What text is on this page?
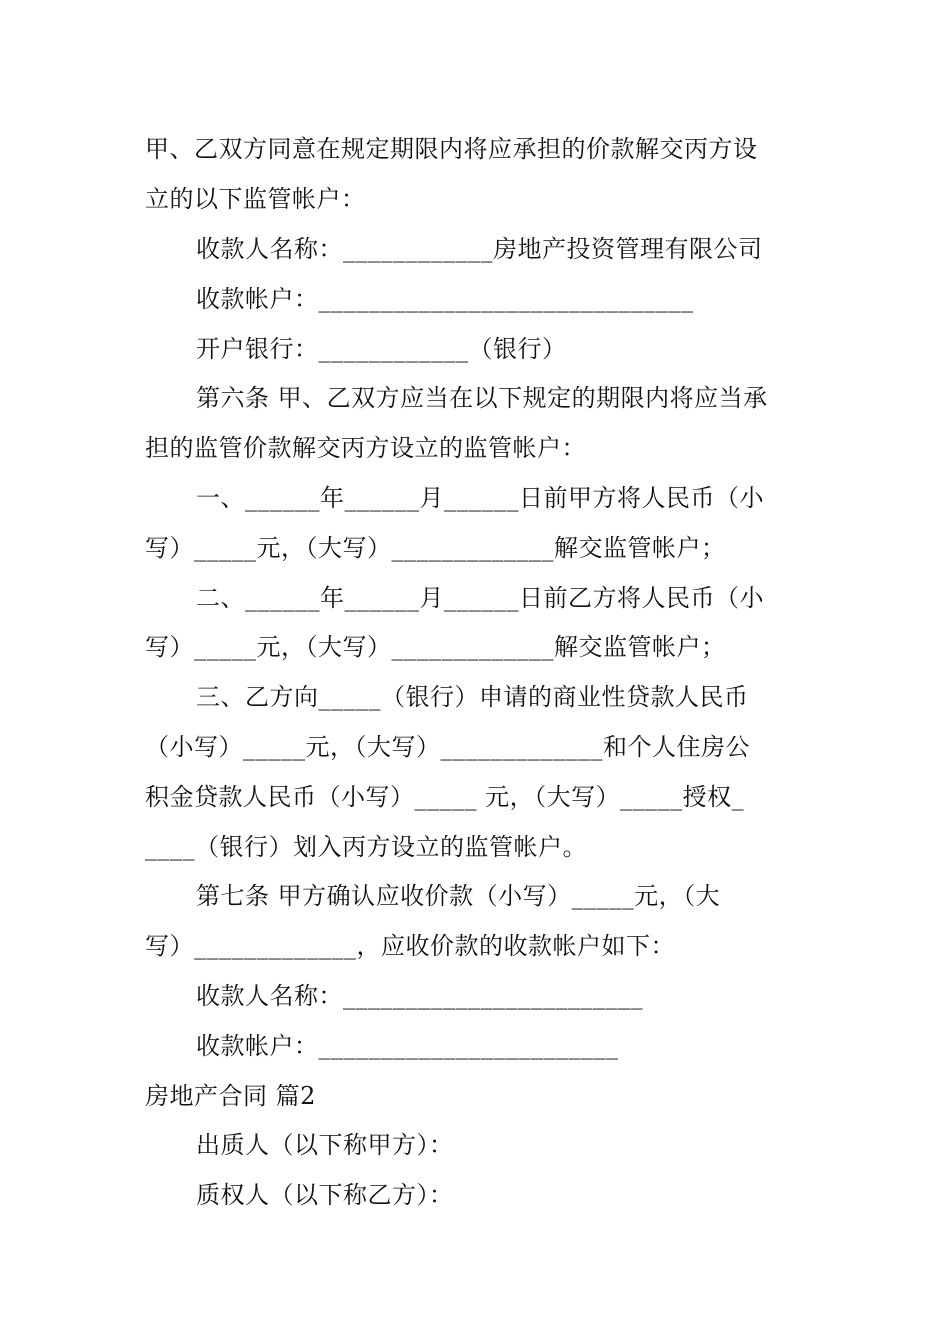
甲、乙双方同意在规定期限内将应承担的价款解交丙方设
立的以下监管帐户：
收款人名称：____________房地产投资管理有限公司
收款帐户：______________________________
开户银行：____________（银行）
第六条 甲、乙双方应当在以下规定的期限内将应当承
担的监管价款解交丙方设立的监管帐户：
一、______年______月______日前甲方将人民币（小
写）_____元，（大写）_____________解交监管帐户；
二、______年______月______日前乙方将人民币（小
写）_____元，（大写）_____________解交监管帐户；
三、乙方向_____（银行）申请的商业性贷款人民币
（小写）_____元，（大写）_____________和个人住房公
积金贷款人民币（小写）_____ 元，（大写）_____授权_
____（银行）划入丙方设立的监管帐户。
第七条 甲方确认应收价款（小写）_____元，（大
写）_____________，应收价款的收款帐户如下：
收款人名称：________________________
收款帐户：________________________
房地产合同 篇2
出质人（以下称甲方）：
质权人（以下称乙方）：
